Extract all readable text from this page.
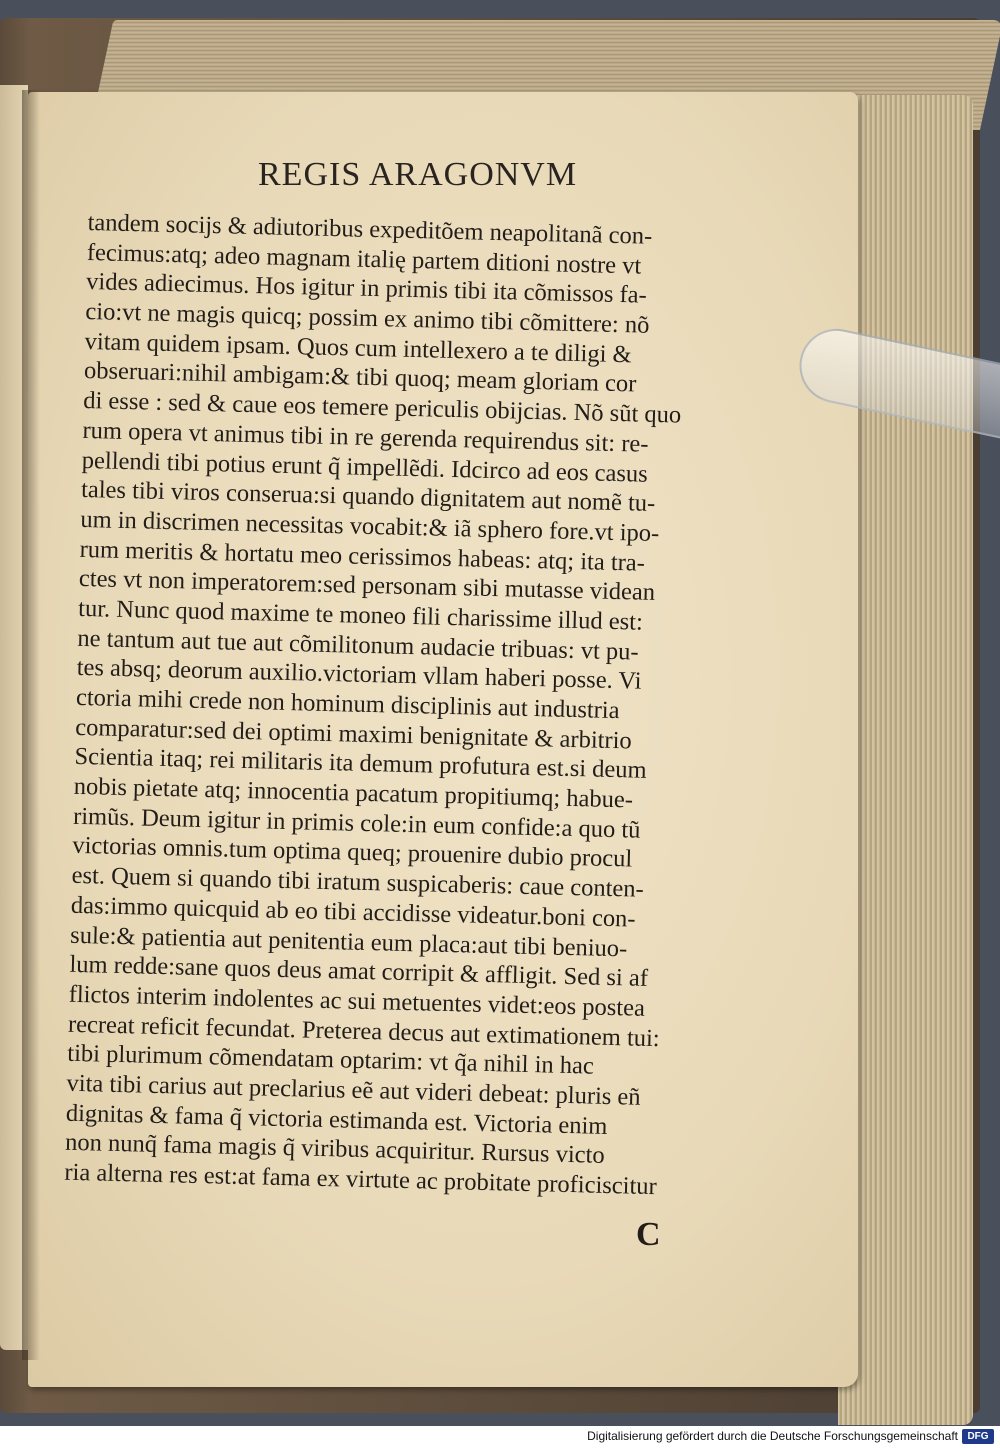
REGIS ARAGONVM
tandem socijs & adiutoribus expeditõem neapolitanã con-
fecimus:atq; adeo magnam italię partem ditioni nostre vt
vides adiecimus. Hos igitur in primis tibi ita cõmissos fa-
cio:vt ne magis quicq; possim ex animo tibi cõmittere: nõ
vitam quidem ipsam. Quos cum intellexero a te diligi &
obseruari:nihil ambigam:& tibi quoq; meam gloriam cor
di esse : sed & caue eos temere periculis obijcias. Nõ sũt quo
rum opera vt animus tibi in re gerenda requirendus sit: re-
pellendi tibi potius erunt q̃ impellẽdi. Idcirco ad eos casus
tales tibi viros conserua:si quando dignitatem aut nomẽ tu-
um in discrimen necessitas vocabit:& iã sphero fore.vt ipo-
rum meritis & hortatu meo cerissimos habeas: atq; ita tra-
ctes vt non imperatorem:sed personam sibi mutasse videan
tur. Nunc quod maxime te moneo fili charissime illud est:
ne tantum aut tue aut cõmilitonum audacie tribuas: vt pu-
tes absq; deorum auxilio.victoriam vllam haberi posse. Vi
ctoria mihi crede non hominum disciplinis aut industria
comparatur:sed dei optimi maximi benignitate & arbitrio
Scientia itaq; rei militaris ita demum profutura est.si deum
nobis pietate atq; innocentia pacatum propitiumq; habue-
rimũs. Deum igitur in primis cole:in eum confide:a quo tũ
victorias omnis.tum optima queq; prouenire dubio procul
est. Quem si quando tibi iratum suspicaberis: caue conten-
das:immo quicquid ab eo tibi accidisse videatur.boni con-
sule:& patientia aut penitentia eum placa:aut tibi beniuo-
lum redde:sane quos deus amat corripit & affligit. Sed si af
flictos interim indolentes ac sui metuentes videt:eos postea
recreat reficit fecundat. Preterea decus aut extimationem tui:
tibi plurimum cõmendatam optarim: vt q̃a nihil in hac
vita tibi carius aut preclarius eẽ aut videri debeat: pluris eñ
dignitas & fama q̃ victoria estimanda est. Victoria enim
non nunq̃ fama magis q̃ viribus acquiritur. Rursus victo
ria alterna res est:at fama ex virtute ac probitate proficiscitur
C
Digitalisierung gefördert durch die Deutsche Forschungsgemeinschaft DFG
